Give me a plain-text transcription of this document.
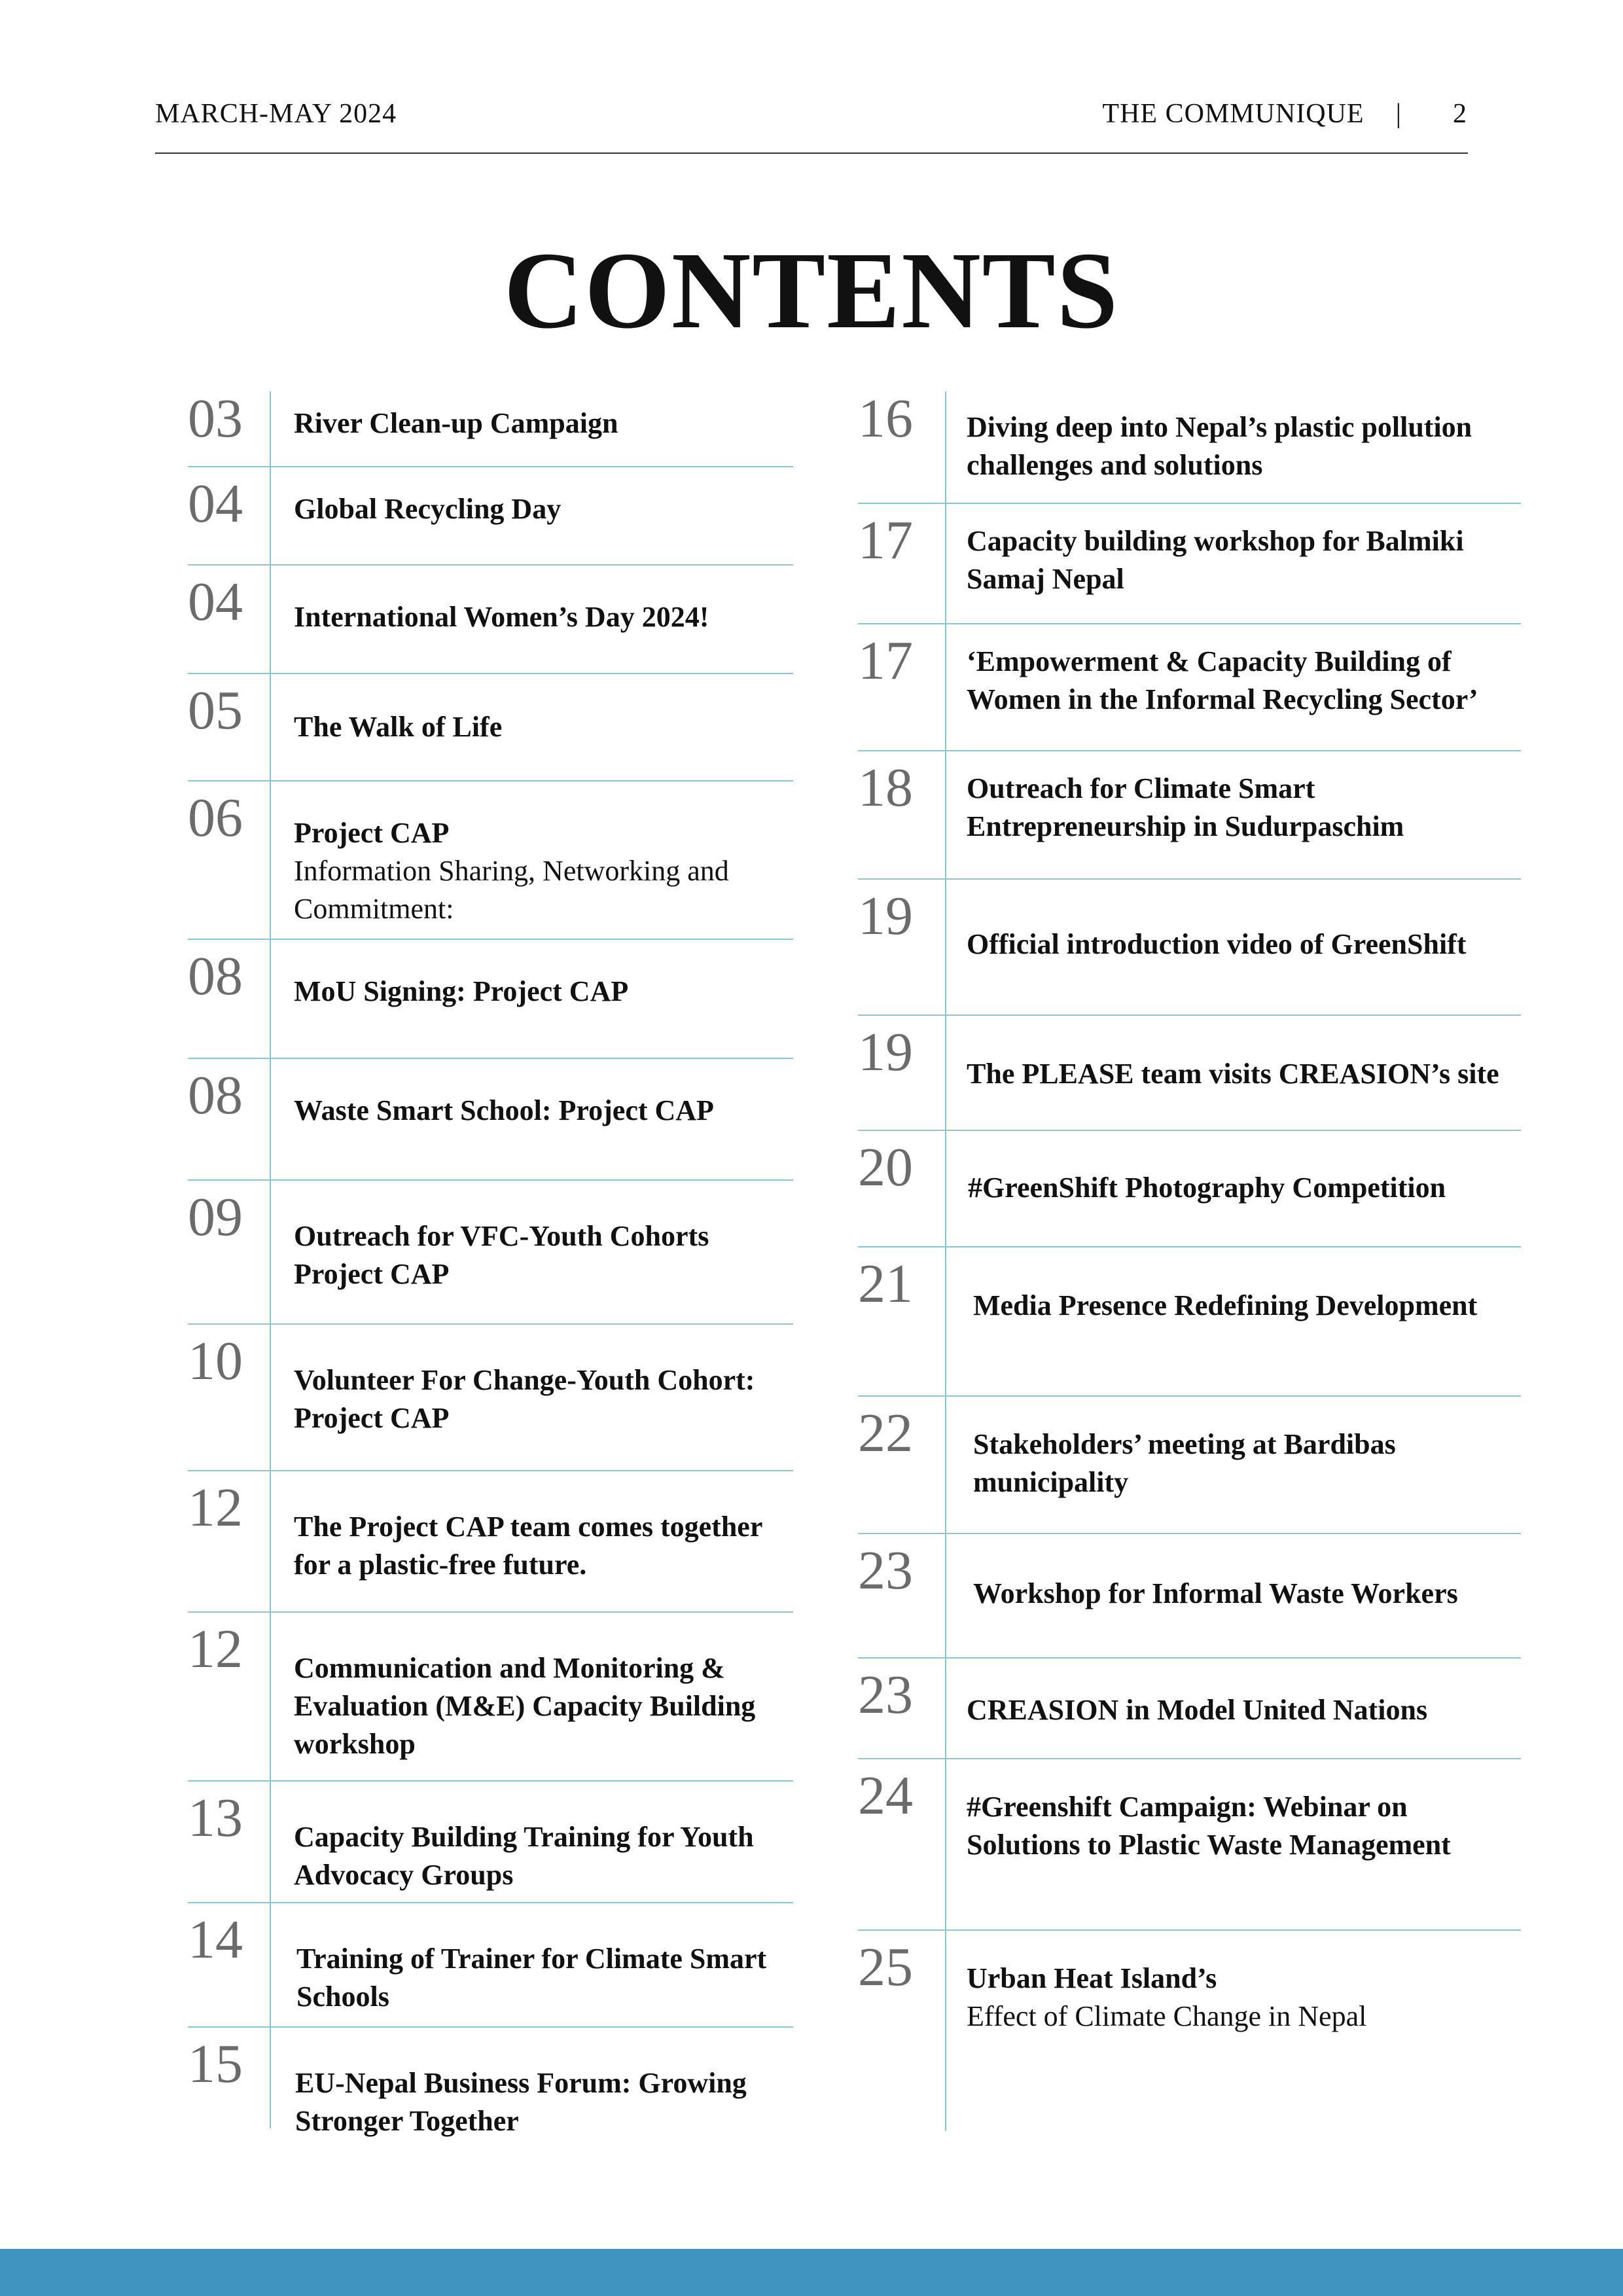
MARCH-MAY 2024	THE COMMUNIQUE | 2
CONTENTS
03 River Clean-up Campaign
04 Global Recycling Day
04 International Women’s Day 2024!
05 The Walk of Life
06 Project CAP
Information Sharing, Networking and Commitment:
08 MoU Signing: Project CAP
08 Waste Smart School: Project CAP
09 Outreach for VFC-Youth Cohorts Project CAP
10 Volunteer For Change-Youth Cohort: Project CAP
12 The Project CAP team comes together for a plastic-free future.
12 Communication and Monitoring & Evaluation (M&E) Capacity Building workshop
13 Capacity Building Training for Youth Advocacy Groups
14 Training of Trainer for Climate Smart Schools
15 EU-Nepal Business Forum: Growing Stronger Together
16 Diving deep into Nepal’s plastic pollution challenges and solutions
17 Capacity building workshop for Balmiki Samaj Nepal
17 ‘Empowerment & Capacity Building of Women in the Informal Recycling Sector’
18 Outreach for Climate Smart Entrepreneurship in Sudurpaschim
19 Official introduction video of GreenShift
19 The PLEASE team visits CREASION’s site
20 #GreenShift Photography Competition
21 Media Presence Redefining Development
22 Stakeholders’ meeting at Bardibas municipality
23 Workshop for Informal Waste Workers
23 CREASION in Model United Nations
24 #Greenshift Campaign: Webinar on Solutions to Plastic Waste Management
25 Urban Heat Island’s
Effect of Climate Change in Nepal
